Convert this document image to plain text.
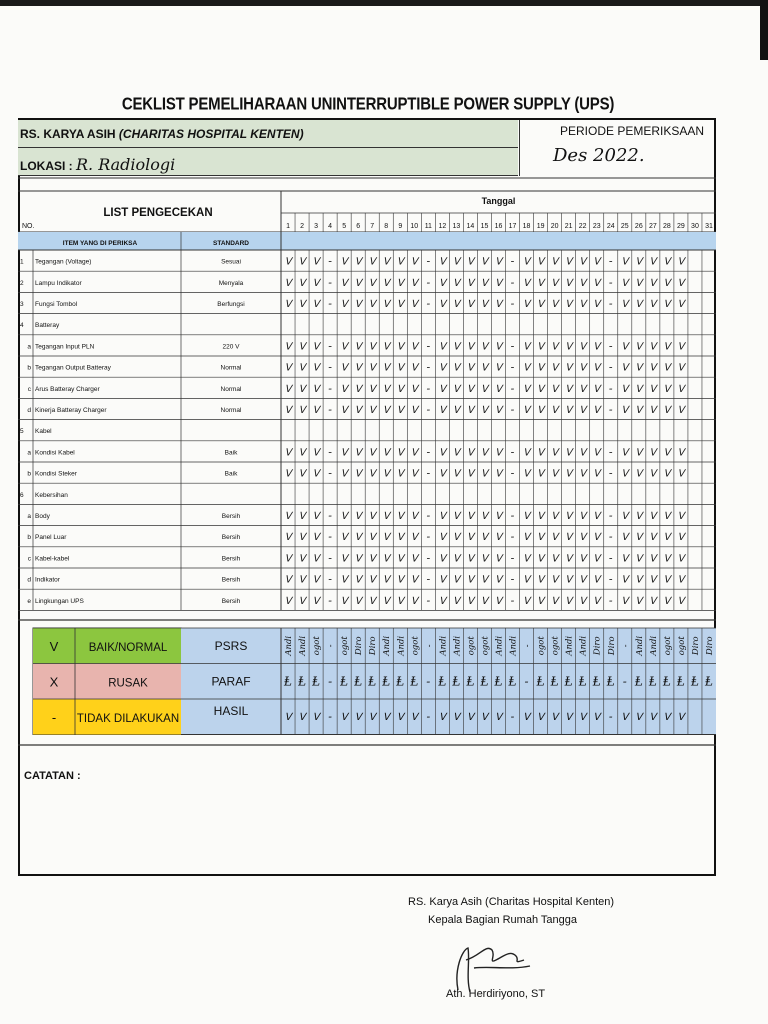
CEKLIST PEMELIHARAAN UNINTERRUPTIBLE POWER SUPPLY (UPS)
RS. KARYA ASIH (CHARITAS HOSPITAL KENTEN)
LOKASI : R. Radiologi
PERIODE PEMERIKSAAN
Des 2022.
NO.
LIST PENGECEKAN
Tanggal
1 2 3 4 5 6 7 8 9 10 11 12 13 14 15 16 17 18 19 20 21 22 23 24 25 26 27 28 29 30 31
ITEM YANG DI PERIKSA	STANDARD
1 Tegangan (Voltage)	Sesuai	ᐯ ᐯ ᐯ - ᐯ ᐯ ᐯ ᐯ ᐯ ᐯ - ᐯ ᐯ ᐯ ᐯ ᐯ - ᐯ ᐯ ᐯ ᐯ ᐯ ᐯ - ᐯ ᐯ ᐯ ᐯ ᐯ
2 Lampu Indikator	Menyala	ᐯ ᐯ ᐯ - ᐯ ᐯ ᐯ ᐯ ᐯ ᐯ - ᐯ ᐯ ᐯ ᐯ ᐯ - ᐯ ᐯ ᐯ ᐯ ᐯ ᐯ - ᐯ ᐯ ᐯ ᐯ ᐯ
3 Fungsi Tombol	Berfungsi	ᐯ ᐯ ᐯ - ᐯ ᐯ ᐯ ᐯ ᐯ ᐯ - ᐯ ᐯ ᐯ ᐯ ᐯ - ᐯ ᐯ ᐯ ᐯ ᐯ ᐯ - ᐯ ᐯ ᐯ ᐯ ᐯ
4 Batteray
a Tegangan Input PLN	220 V	ᐯ ᐯ ᐯ - ᐯ ᐯ ᐯ ᐯ ᐯ ᐯ - ᐯ ᐯ ᐯ ᐯ ᐯ - ᐯ ᐯ ᐯ ᐯ ᐯ ᐯ - ᐯ ᐯ ᐯ ᐯ ᐯ
b Tegangan Output Batteray	Normal	ᐯ ᐯ ᐯ - ᐯ ᐯ ᐯ ᐯ ᐯ ᐯ - ᐯ ᐯ ᐯ ᐯ ᐯ - ᐯ ᐯ ᐯ ᐯ ᐯ ᐯ - ᐯ ᐯ ᐯ ᐯ ᐯ
c Arus Batteray Charger	Normal	ᐯ ᐯ ᐯ - ᐯ ᐯ ᐯ ᐯ ᐯ ᐯ - ᐯ ᐯ ᐯ ᐯ ᐯ - ᐯ ᐯ ᐯ ᐯ ᐯ ᐯ - ᐯ ᐯ ᐯ ᐯ ᐯ
d Kinerja Batteray Charger	Normal	ᐯ ᐯ ᐯ - ᐯ ᐯ ᐯ ᐯ ᐯ ᐯ - ᐯ ᐯ ᐯ ᐯ ᐯ - ᐯ ᐯ ᐯ ᐯ ᐯ ᐯ - ᐯ ᐯ ᐯ ᐯ ᐯ
5 Kabel
a Kondisi Kabel	Baik	ᐯ ᐯ ᐯ - ᐯ ᐯ ᐯ ᐯ ᐯ ᐯ - ᐯ ᐯ ᐯ ᐯ ᐯ - ᐯ ᐯ ᐯ ᐯ ᐯ ᐯ - ᐯ ᐯ ᐯ ᐯ ᐯ
b Kondisi Steker	Baik	ᐯ ᐯ ᐯ - ᐯ ᐯ ᐯ ᐯ ᐯ ᐯ - ᐯ ᐯ ᐯ ᐯ ᐯ - ᐯ ᐯ ᐯ ᐯ ᐯ ᐯ - ᐯ ᐯ ᐯ ᐯ ᐯ
6 Kebersihan
a Body	Bersih	ᐯ ᐯ ᐯ - ᐯ ᐯ ᐯ ᐯ ᐯ ᐯ - ᐯ ᐯ ᐯ ᐯ ᐯ - ᐯ ᐯ ᐯ ᐯ ᐯ ᐯ - ᐯ ᐯ ᐯ ᐯ ᐯ
b Panel Luar	Bersih	ᐯ ᐯ ᐯ - ᐯ ᐯ ᐯ ᐯ ᐯ ᐯ - ᐯ ᐯ ᐯ ᐯ ᐯ - ᐯ ᐯ ᐯ ᐯ ᐯ ᐯ - ᐯ ᐯ ᐯ ᐯ ᐯ
c Kabel-kabel	Bersih	ᐯ ᐯ ᐯ - ᐯ ᐯ ᐯ ᐯ ᐯ ᐯ - ᐯ ᐯ ᐯ ᐯ ᐯ - ᐯ ᐯ ᐯ ᐯ ᐯ ᐯ - ᐯ ᐯ ᐯ ᐯ ᐯ
d Indikator	Bersih	ᐯ ᐯ ᐯ - ᐯ ᐯ ᐯ ᐯ ᐯ ᐯ - ᐯ ᐯ ᐯ ᐯ ᐯ - ᐯ ᐯ ᐯ ᐯ ᐯ ᐯ - ᐯ ᐯ ᐯ ᐯ ᐯ
e Lingkungan UPS	Bersih	ᐯ ᐯ ᐯ - ᐯ ᐯ ᐯ ᐯ ᐯ ᐯ - ᐯ ᐯ ᐯ ᐯ ᐯ - ᐯ ᐯ ᐯ ᐯ ᐯ ᐯ - ᐯ ᐯ ᐯ ᐯ ᐯ
V	BAIK/NORMAL
X	RUSAK
- TIDAK DILAKUKAN
PSRS
PARAF
HASIL
Andi Andi ogot - ogot Diro Diro Andi Andi ogot - Andi Andi ogot ogot Andi Andi - ogot ogot Andi Andi Diro Diro - Andi Andi ogot ogot Diro Diro
Ⱡ Ⱡ Ⱡ - Ⱡ Ⱡ Ⱡ Ⱡ Ⱡ Ⱡ - Ⱡ Ⱡ Ⱡ Ⱡ Ⱡ Ⱡ - Ⱡ Ⱡ Ⱡ Ⱡ Ⱡ Ⱡ - Ⱡ Ⱡ Ⱡ Ⱡ Ⱡ Ⱡ
ᐯ ᐯ ᐯ - ᐯ ᐯ ᐯ ᐯ ᐯ ᐯ - ᐯ ᐯ ᐯ ᐯ ᐯ - ᐯ ᐯ ᐯ ᐯ ᐯ ᐯ - ᐯ ᐯ ᐯ ᐯ ᐯ
CATATAN :
RS. Karya Asih (Charitas Hospital Kenten)
Kepala Bagian Rumah Tangga
Ath. Herdiriyono, ST
